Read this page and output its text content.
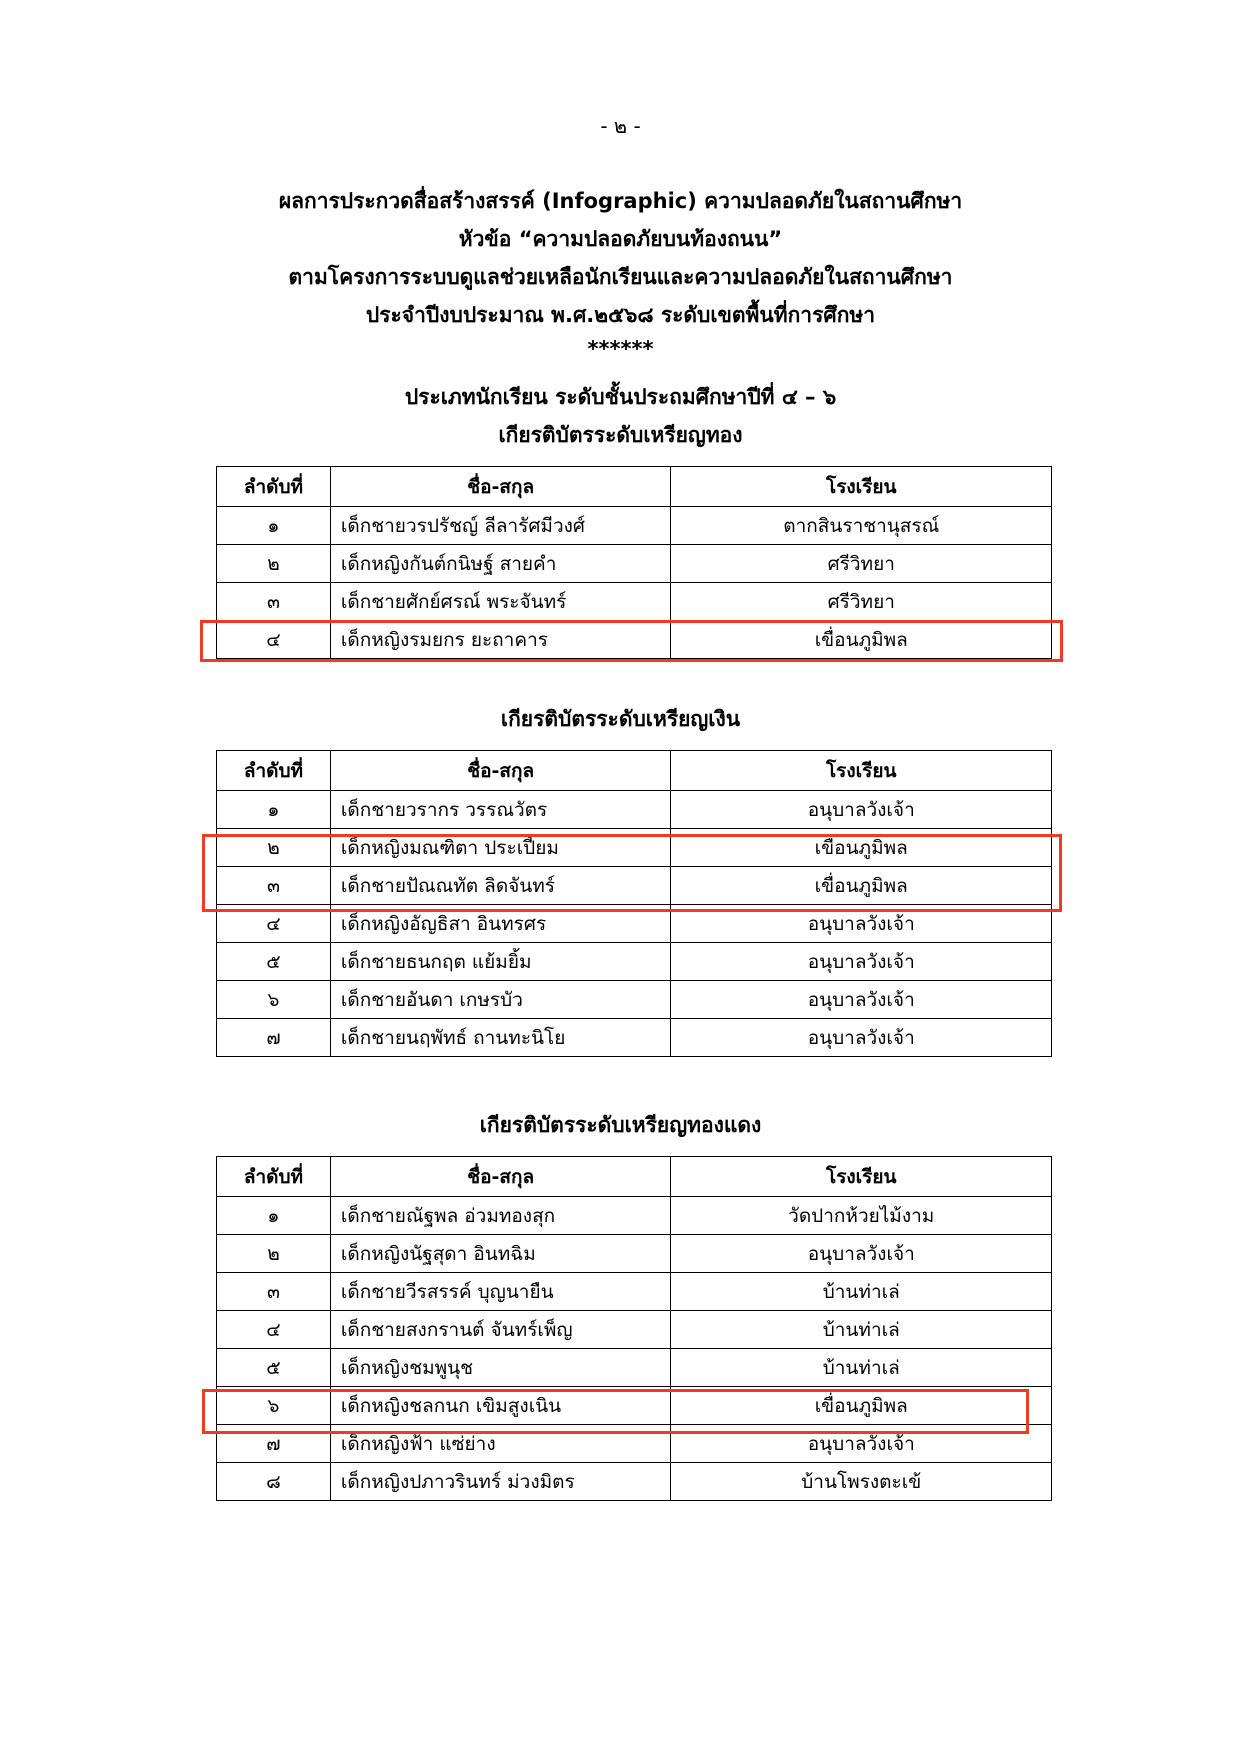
- ๒ -
ผลการประกวดสื่อสร้างสรรค์ (Infographic) ความปลอดภัยในสถานศึกษา
หัวข้อ “ความปลอดภัยบนท้องถนน”
ตามโครงการระบบดูแลช่วยเหลือนักเรียนและความปลอดภัยในสถานศึกษา
ประจำปีงบประมาณ พ.ศ.๒๕๖๘ ระดับเขตพื้นที่การศึกษา
******
ประเภทนักเรียน ระดับชั้นประถมศึกษาปีที่ ๔ – ๖
เกียรติบัตรระดับเหรียญทอง
ลำดับที่	ชื่อ-สกุล	โรงเรียน
๑	เด็กชายวรปรัชญ์ ลีลารัศมีวงศ์	ตากสินราชานุสรณ์
๒	เด็กหญิงกันต์กนิษฐ์ สายคำ	ศรีวิทยา
๓	เด็กชายศักย์ศรณ์ พระจันทร์	ศรีวิทยา
๔	เด็กหญิงรมยกร ยะถาคาร	เขื่อนภูมิพล
เกียรติบัตรระดับเหรียญเงิน
ลำดับที่	ชื่อ-สกุล	โรงเรียน
๑	เด็กชายวรากร วรรณวัตร	อนุบาลวังเจ้า
๒	เด็กหญิงมณฑิตา ประเปี้ยม	เขื่อนภูมิพล
๓	เด็กชายปัณณทัต ลิดจันทร์	เขื่อนภูมิพล
๔	เด็กหญิงอัญธิสา อินทรศร	อนุบาลวังเจ้า
๕	เด็กชายธนกฤต แย้มยิ้ม	อนุบาลวังเจ้า
๖	เด็กชายอันดา เกษรบัว	อนุบาลวังเจ้า
๗	เด็กชายนฤพัทธ์ ถานทะนิโย	อนุบาลวังเจ้า
เกียรติบัตรระดับเหรียญทองแดง
ลำดับที่	ชื่อ-สกุล	โรงเรียน
๑	เด็กชายณัฐพล อ่วมทองสุก	วัดปากห้วยไม้งาม
๒	เด็กหญิงนัฐสุดา อินทฉิม	อนุบาลวังเจ้า
๓	เด็กชายวีรสรรค์ บุญนายืน	บ้านท่าเล่
๔	เด็กชายสงกรานต์ จันทร์เพ็ญ	บ้านท่าเล่
๕	เด็กหญิงชมพูนุช	บ้านท่าเล่
๖	เด็กหญิงชลกนก เขิมสูงเนิน	เขื่อนภูมิพล
๗	เด็กหญิงฟ้า แซ่ย่าง	อนุบาลวังเจ้า
๘	เด็กหญิงปภาวรินทร์ ม่วงมิตร	บ้านโพรงตะเข้
